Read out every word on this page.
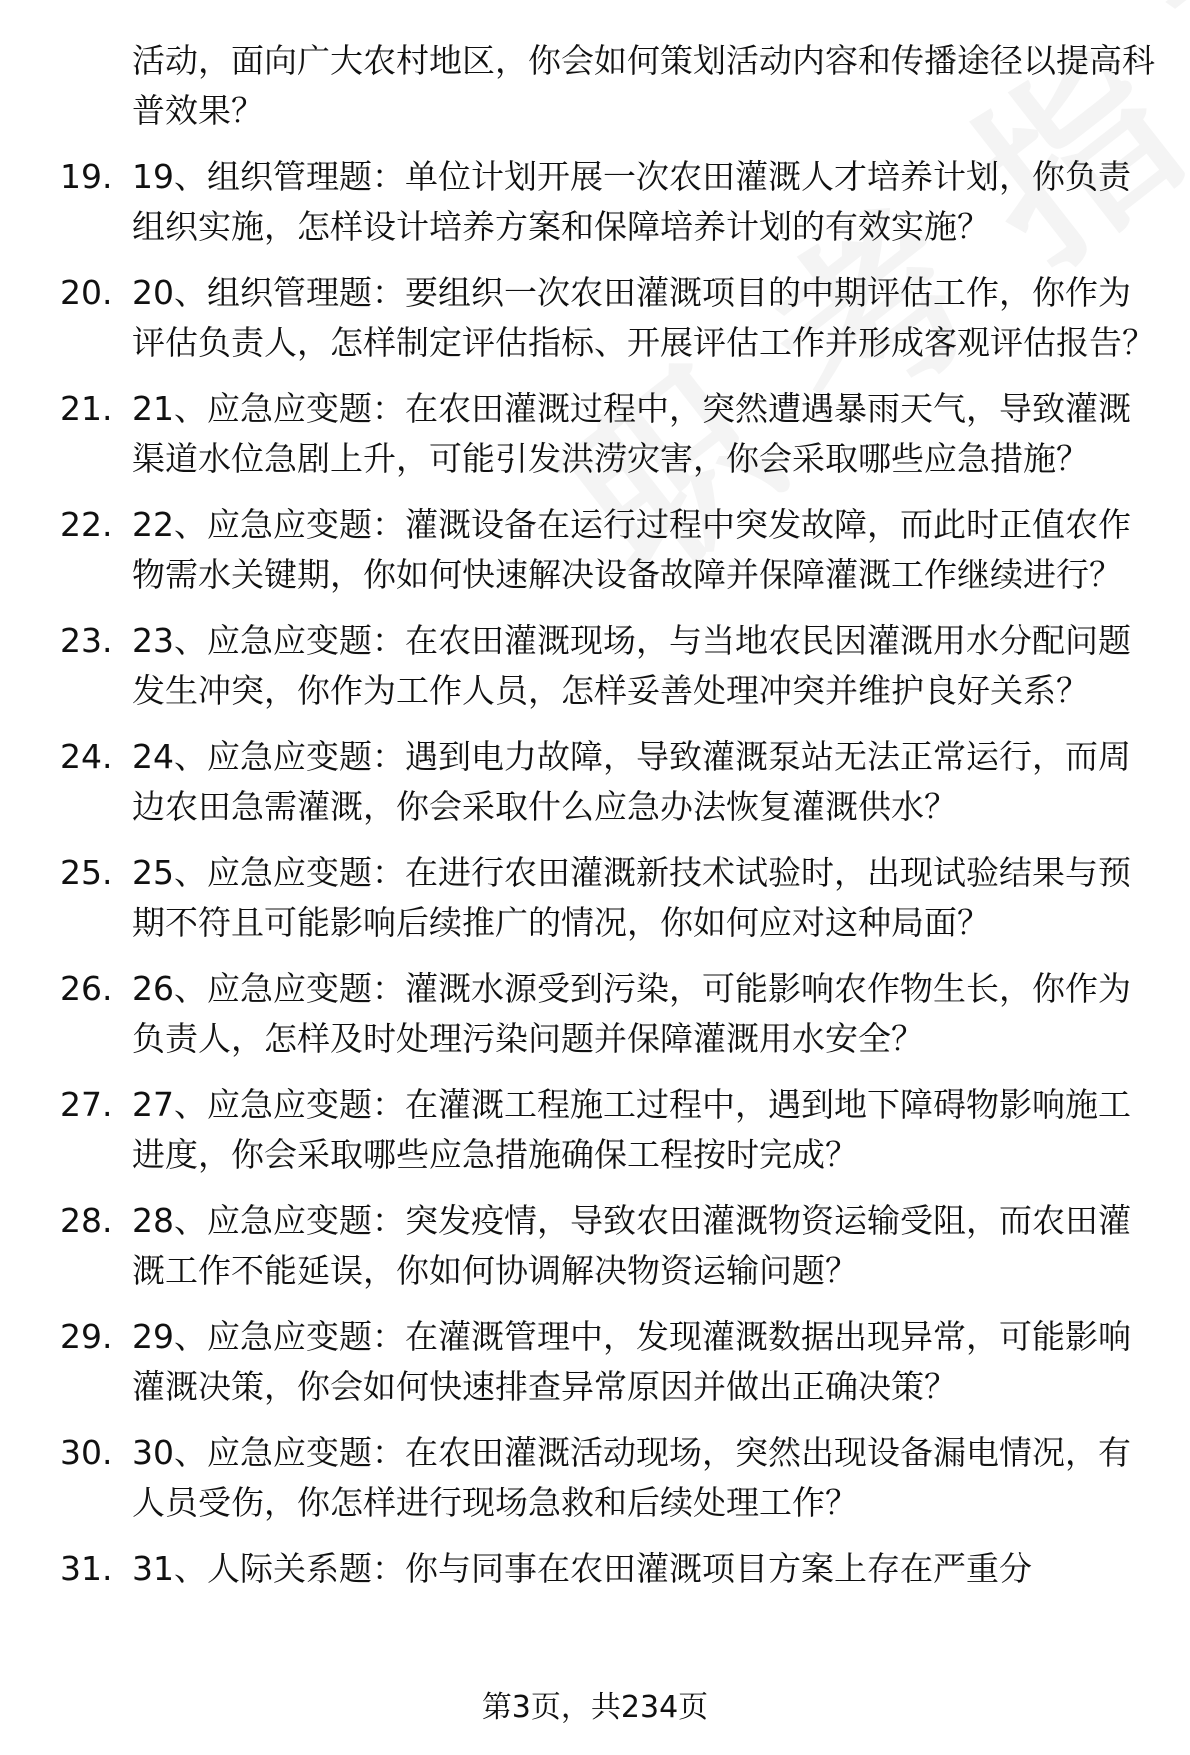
活动，面向广大农村地区，你会如何策划活动内容和传播途径以提高科普效果？
19. 19、组织管理题：单位计划开展一次农田灌溉人才培养计划，你负责组织实施，怎样设计培养方案和保障培养计划的有效实施？
20. 20、组织管理题：要组织一次农田灌溉项目的中期评估工作，你作为评估负责人，怎样制定评估指标、开展评估工作并形成客观评估报告？
21. 21、应急应变题：在农田灌溉过程中，突然遭遇暴雨天气，导致灌溉渠道水位急剧上升，可能引发洪涝灾害，你会采取哪些应急措施？
22. 22、应急应变题：灌溉设备在运行过程中突发故障，而此时正值农作物需水关键期，你如何快速解决设备故障并保障灌溉工作继续进行？
23. 23、应急应变题：在农田灌溉现场，与当地农民因灌溉用水分配问题发生冲突，你作为工作人员，怎样妥善处理冲突并维护良好关系？
24. 24、应急应变题：遇到电力故障，导致灌溉泵站无法正常运行，而周边农田急需灌溉，你会采取什么应急办法恢复灌溉供水？
25. 25、应急应变题：在进行农田灌溉新技术试验时，出现试验结果与预期不符且可能影响后续推广的情况，你如何应对这种局面？
26. 26、应急应变题：灌溉水源受到污染，可能影响农作物生长，你作为负责人，怎样及时处理污染问题并保障灌溉用水安全？
27. 27、应急应变题：在灌溉工程施工过程中，遇到地下障碍物影响施工进度，你会采取哪些应急措施确保工程按时完成？
28. 28、应急应变题：突发疫情，导致农田灌溉物资运输受阻，而农田灌溉工作不能延误，你如何协调解决物资运输问题？
29. 29、应急应变题：在灌溉管理中，发现灌溉数据出现异常，可能影响灌溉决策，你会如何快速排查异常原因并做出正确决策？
30. 30、应急应变题：在农田灌溉活动现场，突然出现设备漏电情况，有人员受伤，你怎样进行现场急救和后续处理工作？
31. 31、人际关系题：你与同事在农田灌溉项目方案上存在严重分
第3页，共234页
